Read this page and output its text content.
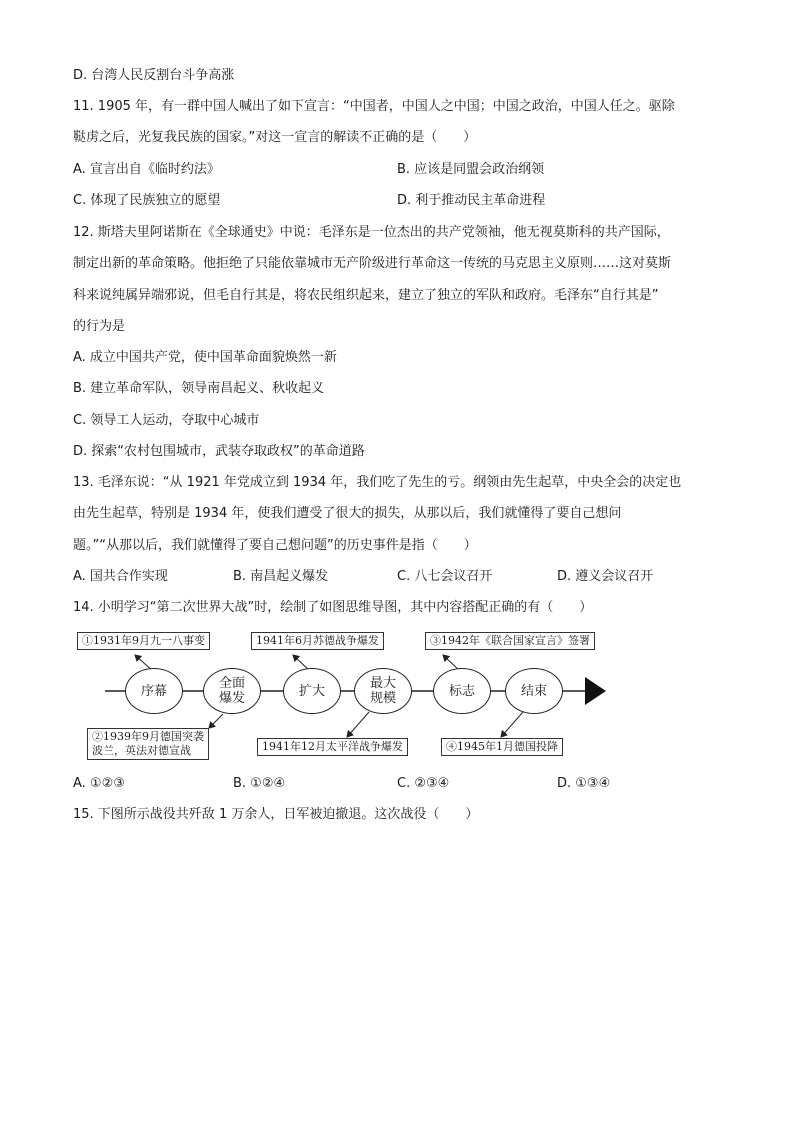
D. 台湾人民反割台斗争高涨
11. 1905 年，有一群中国人喊出了如下宣言：“中国者，中国人之中国；中国之政治，中国人任之。驱除
鞑虏之后，光复我民族的国家。”对这一宣言的解读不正确的是（　　）
A. 宣言出自《临时约法》	B. 应该是同盟会政治纲领
C. 体现了民族独立的愿望	D. 利于推动民主革命进程
12. 斯塔夫里阿诺斯在《全球通史》中说：毛泽东是一位杰出的共产党领袖，他无视莫斯科的共产国际，
制定出新的革命策略。他拒绝了只能依靠城市无产阶级进行革命这一传统的马克思主义原则……这对莫斯
科来说纯属异端邪说，但毛自行其是，将农民组织起来，建立了独立的军队和政府。毛泽东“自行其是”
的行为是
A. 成立中国共产党，使中国革命面貌焕然一新
B. 建立革命军队，领导南昌起义、秋收起义
C. 领导工人运动，夺取中心城市
D. 探索“农村包围城市，武装夺取政权”的革命道路
13. 毛泽东说：“从 1921 年党成立到 1934 年，我们吃了先生的亏。纲领由先生起草，中央全会的决定也
由先生起草，特别是 1934 年，使我们遭受了很大的损失，从那以后，我们就懂得了要自己想问
题。”“从那以后，我们就懂得了要自己想问题”的历史事件是指（　　）
A. 国共合作实现	B. 南昌起义爆发	C. 八七会议召开	D. 遵义会议召开
14. 小明学习“第二次世界大战”时，绘制了如图思维导图，其中内容搭配正确的有（　　）
序幕	全面
爆发	扩大	最大
规模	标志	结束
①1931年9月九一八事变	1941年6月苏德战争爆发	③1942年《联合国家宣言》签署
②1939年9月德国突袭
波兰，英法对德宣战	1941年12月太平洋战争爆发	④1945年1月德国投降
A. ①②③	B. ①②④	C. ②③④	D. ①③④
15. 下图所示战役共歼敌 1 万余人，日军被迫撤退。这次战役（　　）
